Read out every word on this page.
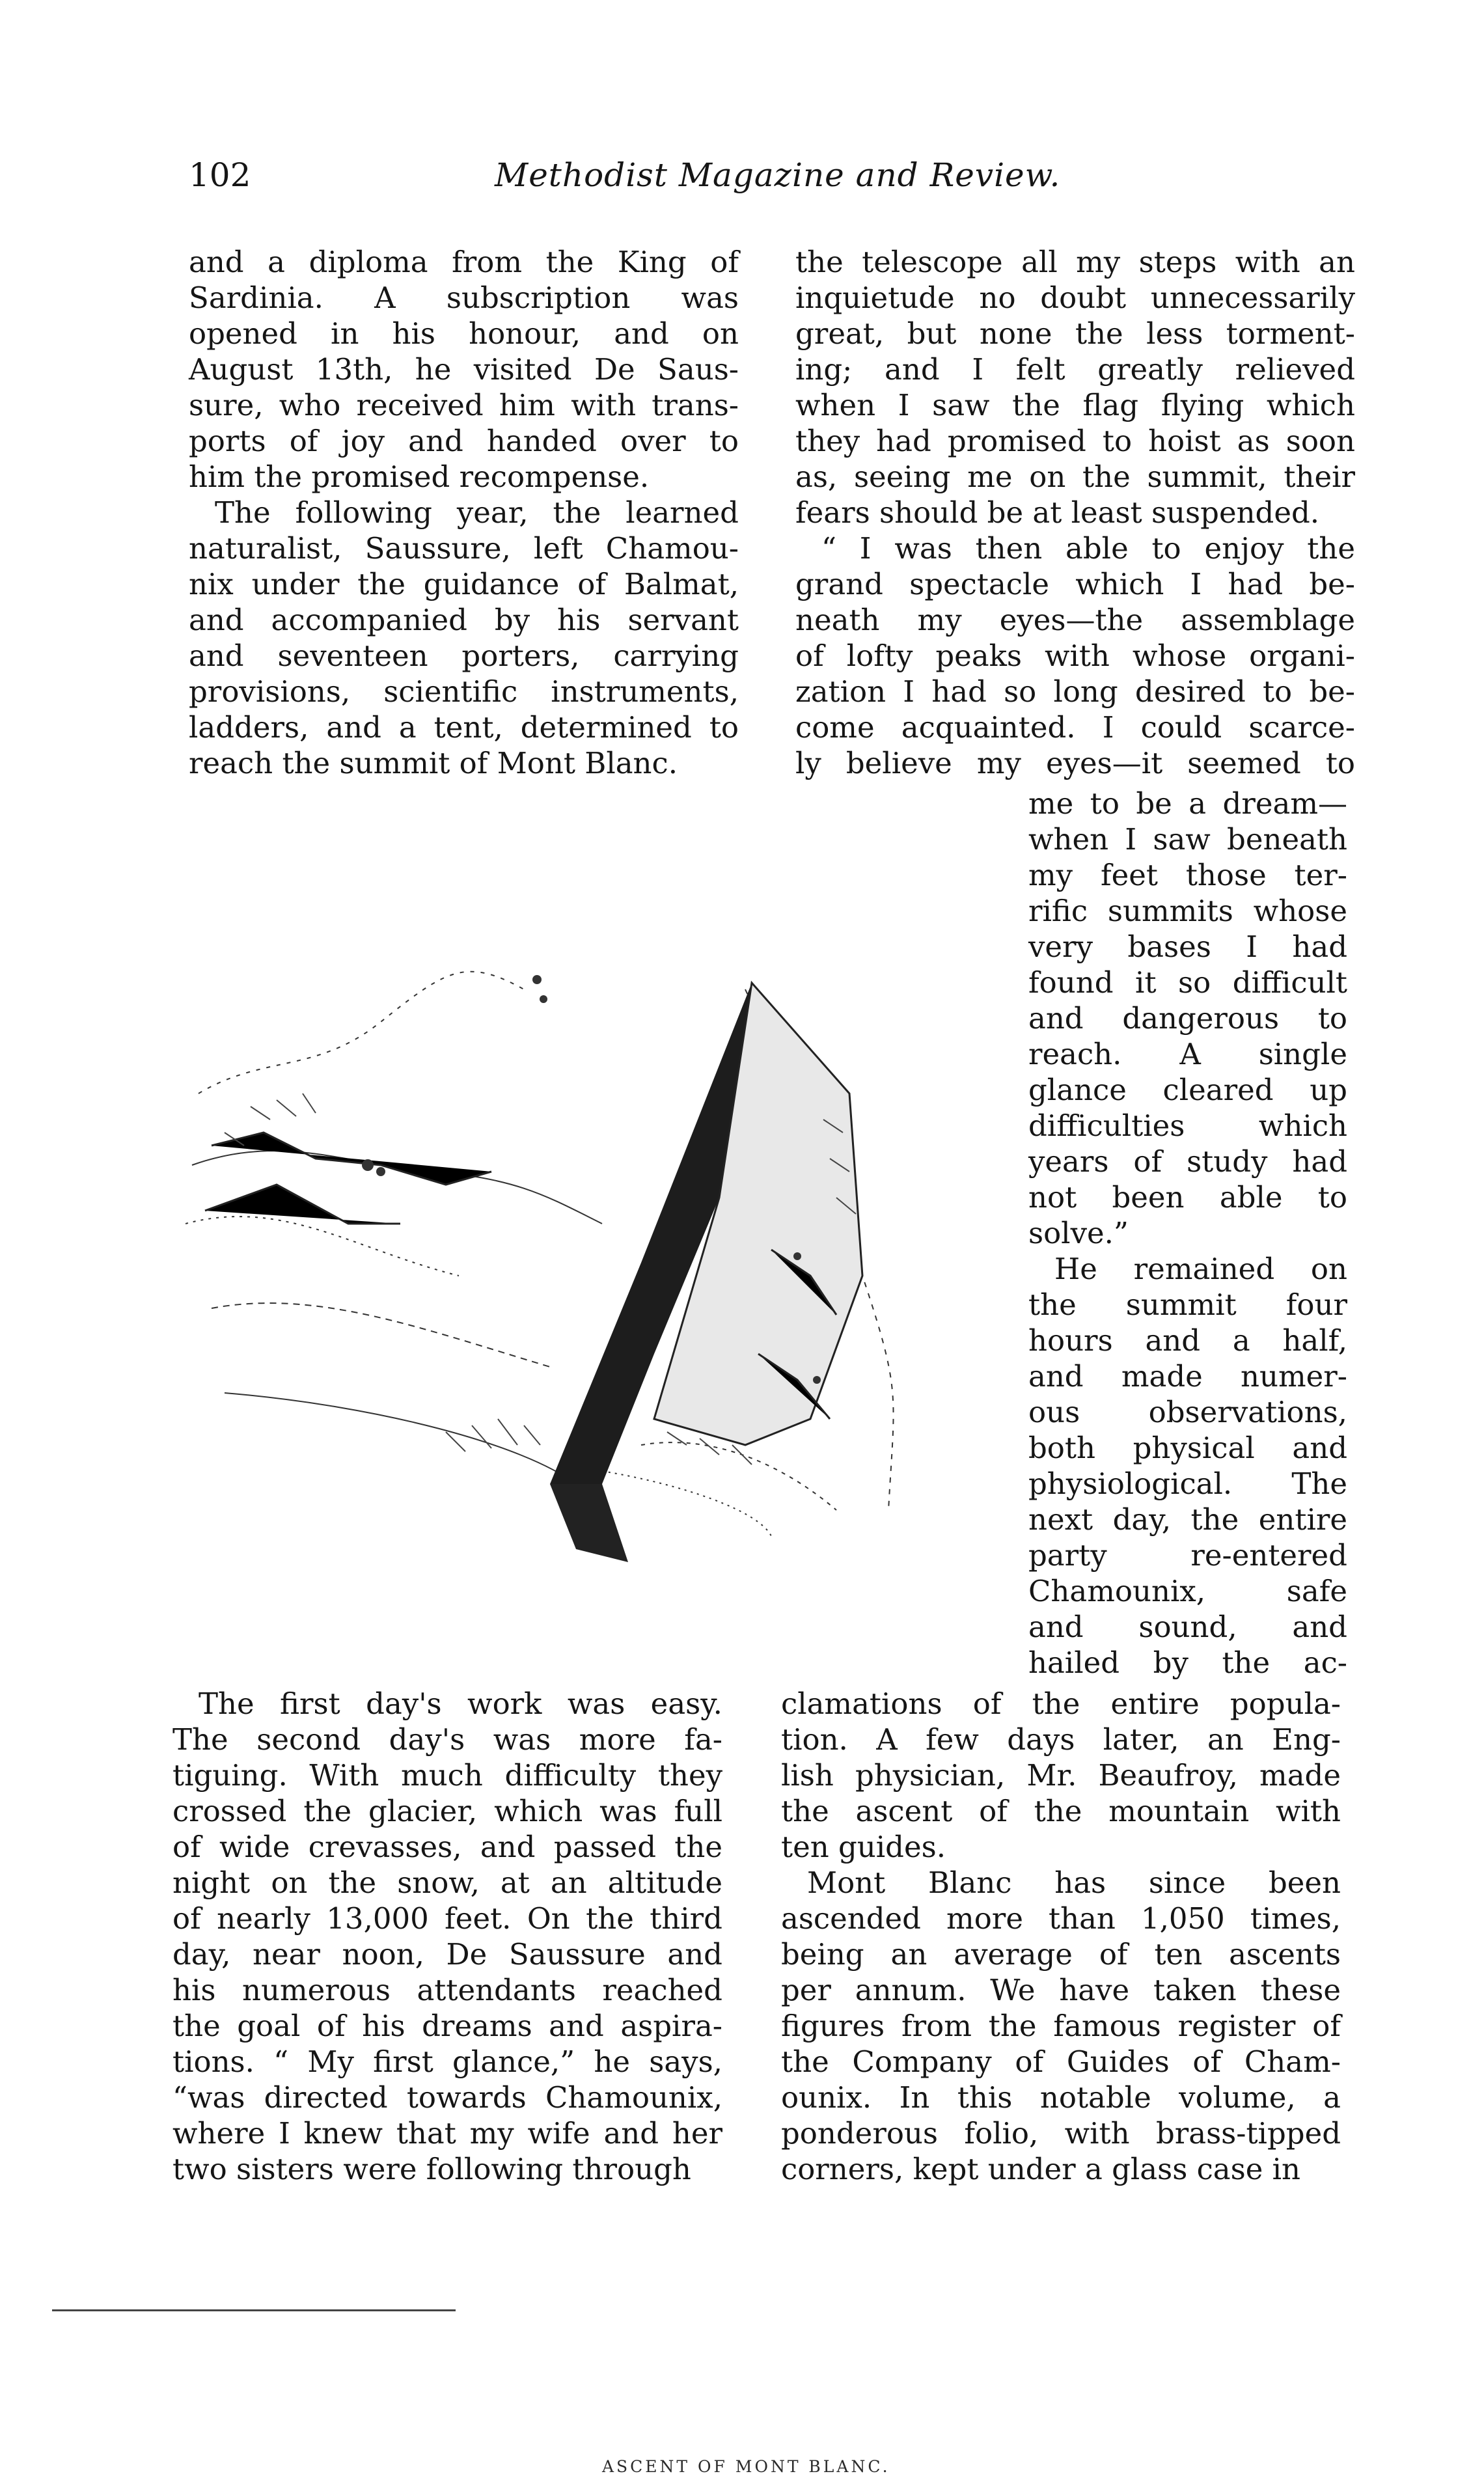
102	Methodist Magazine and Review.
and a diploma from the King of
Sardinia. A subscription was
opened in his honour, and on
August 13th, he visited De Saus-
sure, who received him with trans-
ports of joy and handed over to
him the promised recompense.
The following year, the learned
naturalist, Saussure, left Chamou-
nix under the guidance of Balmat,
and accompanied by his servant
and seventeen porters, carrying
provisions, scientific instruments,
ladders, and a tent, determined to
reach the summit of Mont Blanc.
The first day's work was easy.
The second day's was more fa-
tiguing. With much difficulty they
crossed the glacier, which was full
of wide crevasses, and passed the
night on the snow, at an altitude
of nearly 13,000 feet. On the third
day, near noon, De Saussure and
his numerous attendants reached
the goal of his dreams and aspira-
tions. “ My first glance,” he says,
“was directed towards Chamounix,
where I knew that my wife and her
two sisters were following through
the telescope all my steps with an
inquietude no doubt unnecessarily
great, but none the less torment-
ing; and I felt greatly relieved
when I saw the flag flying which
they had promised to hoist as soon
as, seeing me on the summit, their
fears should be at least suspended.
“ I was then able to enjoy the
grand spectacle which I had be-
neath my eyes—the assemblage
of lofty peaks with whose organi-
zation I had so long desired to be-
come acquainted. I could scarce-
ly believe my eyes—it seemed to
me to be a dream—
when I saw beneath
my feet those ter-
rific summits whose
very bases I had
found it so difficult
and dangerous to
reach. A single
glance cleared up
difficulties which
years of study had
not been able to
solve.”
He remained on
the summit four
hours and a half,
and made numer-
ous observations,
both physical and
physiological. The
next day, the entire
party re-entered
Chamounix, safe
and sound, and
hailed by the ac-
clamations of the entire popula-
tion. A few days later, an Eng-
lish physician, Mr. Beaufroy, made
the ascent of the mountain with
ten guides.
Mont Blanc has since been
ascended more than 1,050 times,
being an average of ten ascents
per annum. We have taken these
figures from the famous register of
the Company of Guides of Cham-
ounix. In this notable volume, a
ponderous folio, with brass-tipped
corners, kept under a glass case in
ASCENT OF MONT BLANC.
